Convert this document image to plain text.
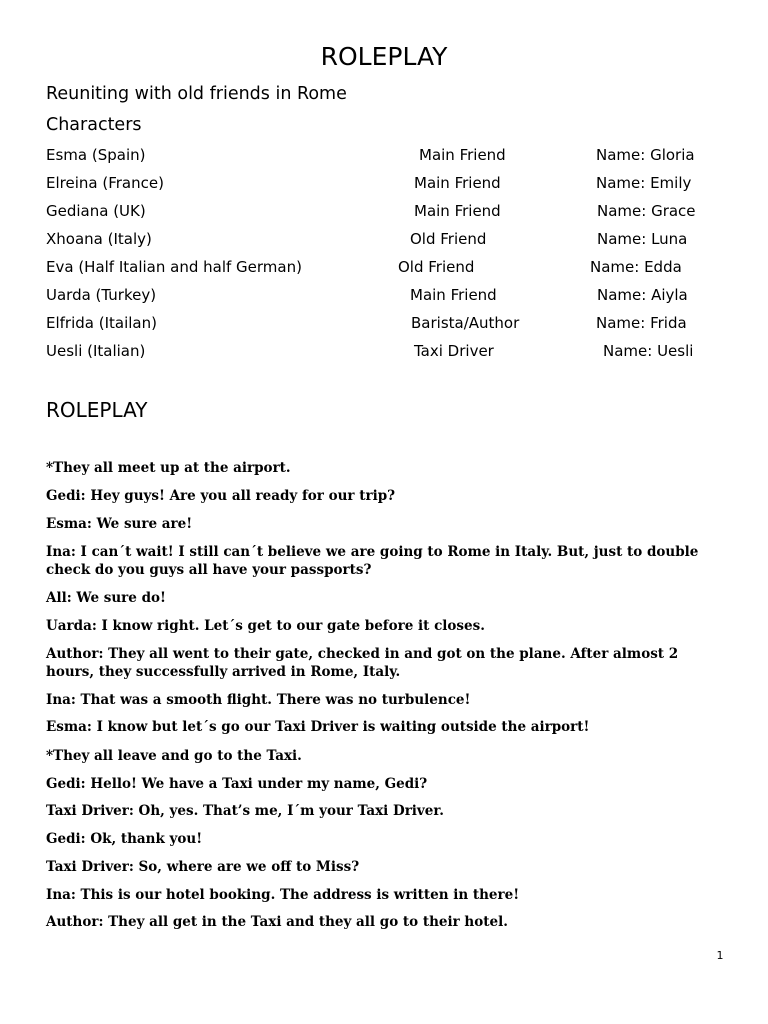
ROLEPLAY
Reuniting with old friends in Rome
Characters
Esma (Spain)	Main Friend	Name: Gloria
Elreina (France)	Main Friend	Name: Emily
Gediana (UK)	Main Friend	Name: Grace
Xhoana (Italy)	Old Friend	Name: Luna
Eva (Half Italian and half German)	Old Friend	Name: Edda
Uarda (Turkey)	Main Friend	Name: Aiyla
Elfrida (Itailan)	Barista/Author	Name: Frida
Uesli (Italian)	Taxi Driver	Name: Uesli
ROLEPLAY

*They all meet up at the airport.

Gedi: Hey guys! Are you all ready for our trip?

Esma: We sure are!

Ina: I can´t wait! I still can´t believe we are going to Rome in Italy. But, just to double check do you guys all have your passports?

All: We sure do!

Uarda: I know right. Let´s get to our gate before it closes.

Author: They all went to their gate, checked in and got on the plane. After almost 2 hours, they successfully arrived in Rome, Italy.

Ina: That was a smooth flight. There was no turbulence!

Esma: I know but let´s go our Taxi Driver is waiting outside the airport!

*They all leave and go to the Taxi.

Gedi: Hello! We have a Taxi under my name, Gedi?

Taxi Driver: Oh, yes. That’s me, I´m your Taxi Driver.

Gedi: Ok, thank you!

Taxi Driver: So, where are we off to Miss?

Ina: This is our hotel booking. The address is written in there!

Author: They all get in the Taxi and they all go to their hotel.

1
